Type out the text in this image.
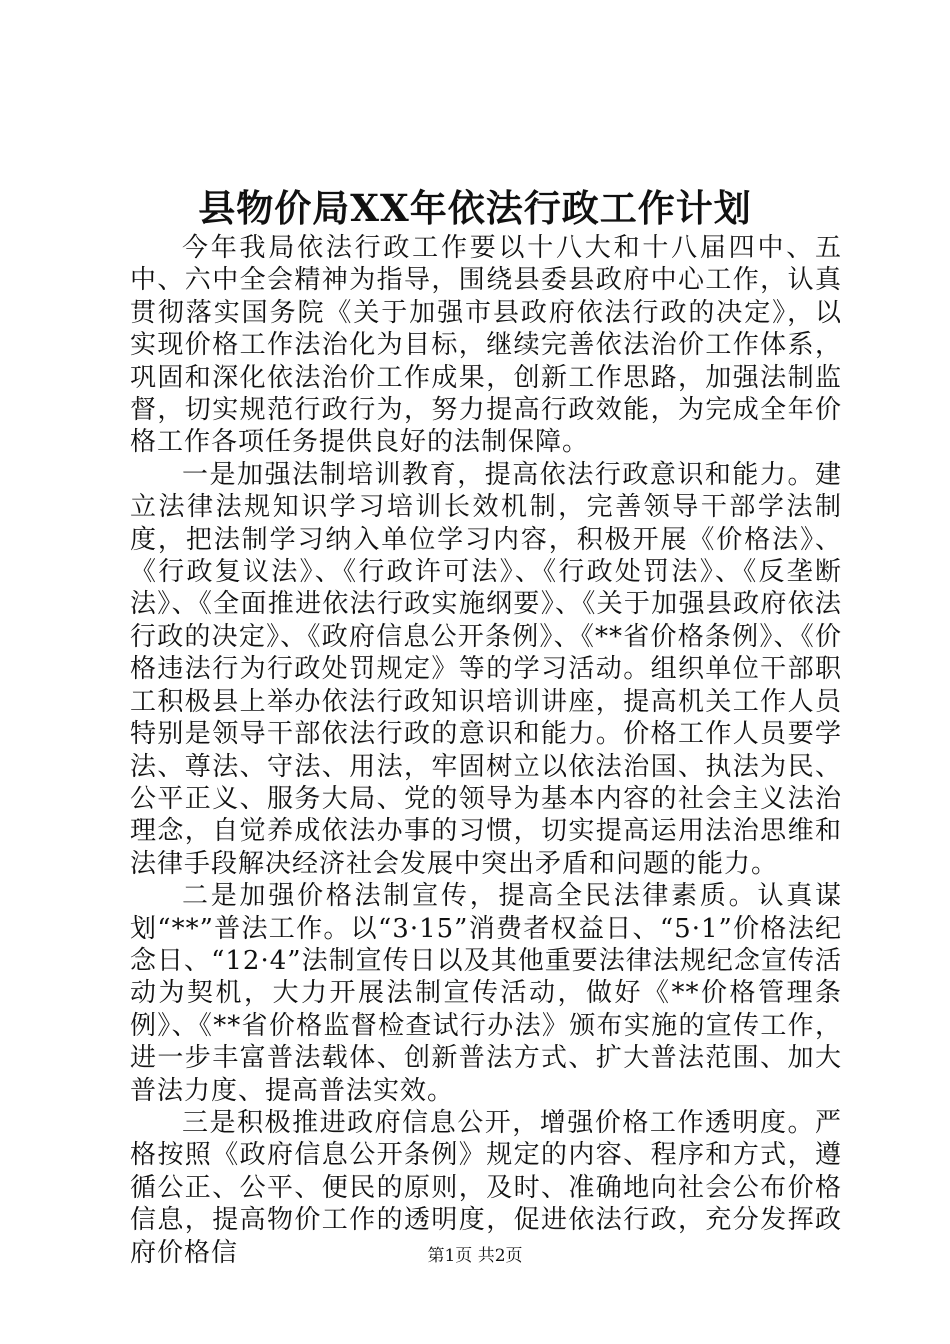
县物价局XX年依法行政工作计划

今年我局依法行政工作要以十八大和十八届四中、五中、六中全会精神为指导，围绕县委县政府中心工作，认真贯彻落实国务院《关于加强市县政府依法行政的决定》，以实现价格工作法治化为目标，继续完善依法治价工作体系，巩固和深化依法治价工作成果，创新工作思路，加强法制监督，切实规范行政行为，努力提高行政效能，为完成全年价格工作各项任务提供良好的法制保障。

一是加强法制培训教育，提高依法行政意识和能力。建立法律法规知识学习培训长效机制，完善领导干部学法制度，把法制学习纳入单位学习内容，积极开展《价格法》、《行政复议法》、《行政许可法》、《行政处罚法》、《反垄断法》、《全面推进依法行政实施纲要》、《关于加强县政府依法行政的决定》、《政府信息公开条例》、《**省价格条例》、《价格违法行为行政处罚规定》等的学习活动。组织单位干部职工积极县上举办依法行政知识培训讲座，提高机关工作人员特别是领导干部依法行政的意识和能力。价格工作人员要学法、尊法、守法、用法，牢固树立以依法治国、执法为民、公平正义、服务大局、党的领导为基本内容的社会主义法治理念，自觉养成依法办事的习惯，切实提高运用法治思维和法律手段解决经济社会发展中突出矛盾和问题的能力。

二是加强价格法制宣传，提高全民法律素质。认真谋划“**”普法工作。以“3·15”消费者权益日、“5·1”价格法纪念日、“12·4”法制宣传日以及其他重要法律法规纪念宣传活动为契机，大力开展法制宣传活动，做好《**价格管理条例》、《**省价格监督检查试行办法》颁布实施的宣传工作，进一步丰富普法载体、创新普法方式、扩大普法范围、加大普法力度、提高普法实效。

三是积极推进政府信息公开，增强价格工作透明度。严格按照《政府信息公开条例》规定的内容、程序和方式，遵循公正、公平、便民的原则，及时、准确地向社会公布价格信息，提高物价工作的透明度，促进依法行政，充分发挥政府价格信	第1页 共2页
